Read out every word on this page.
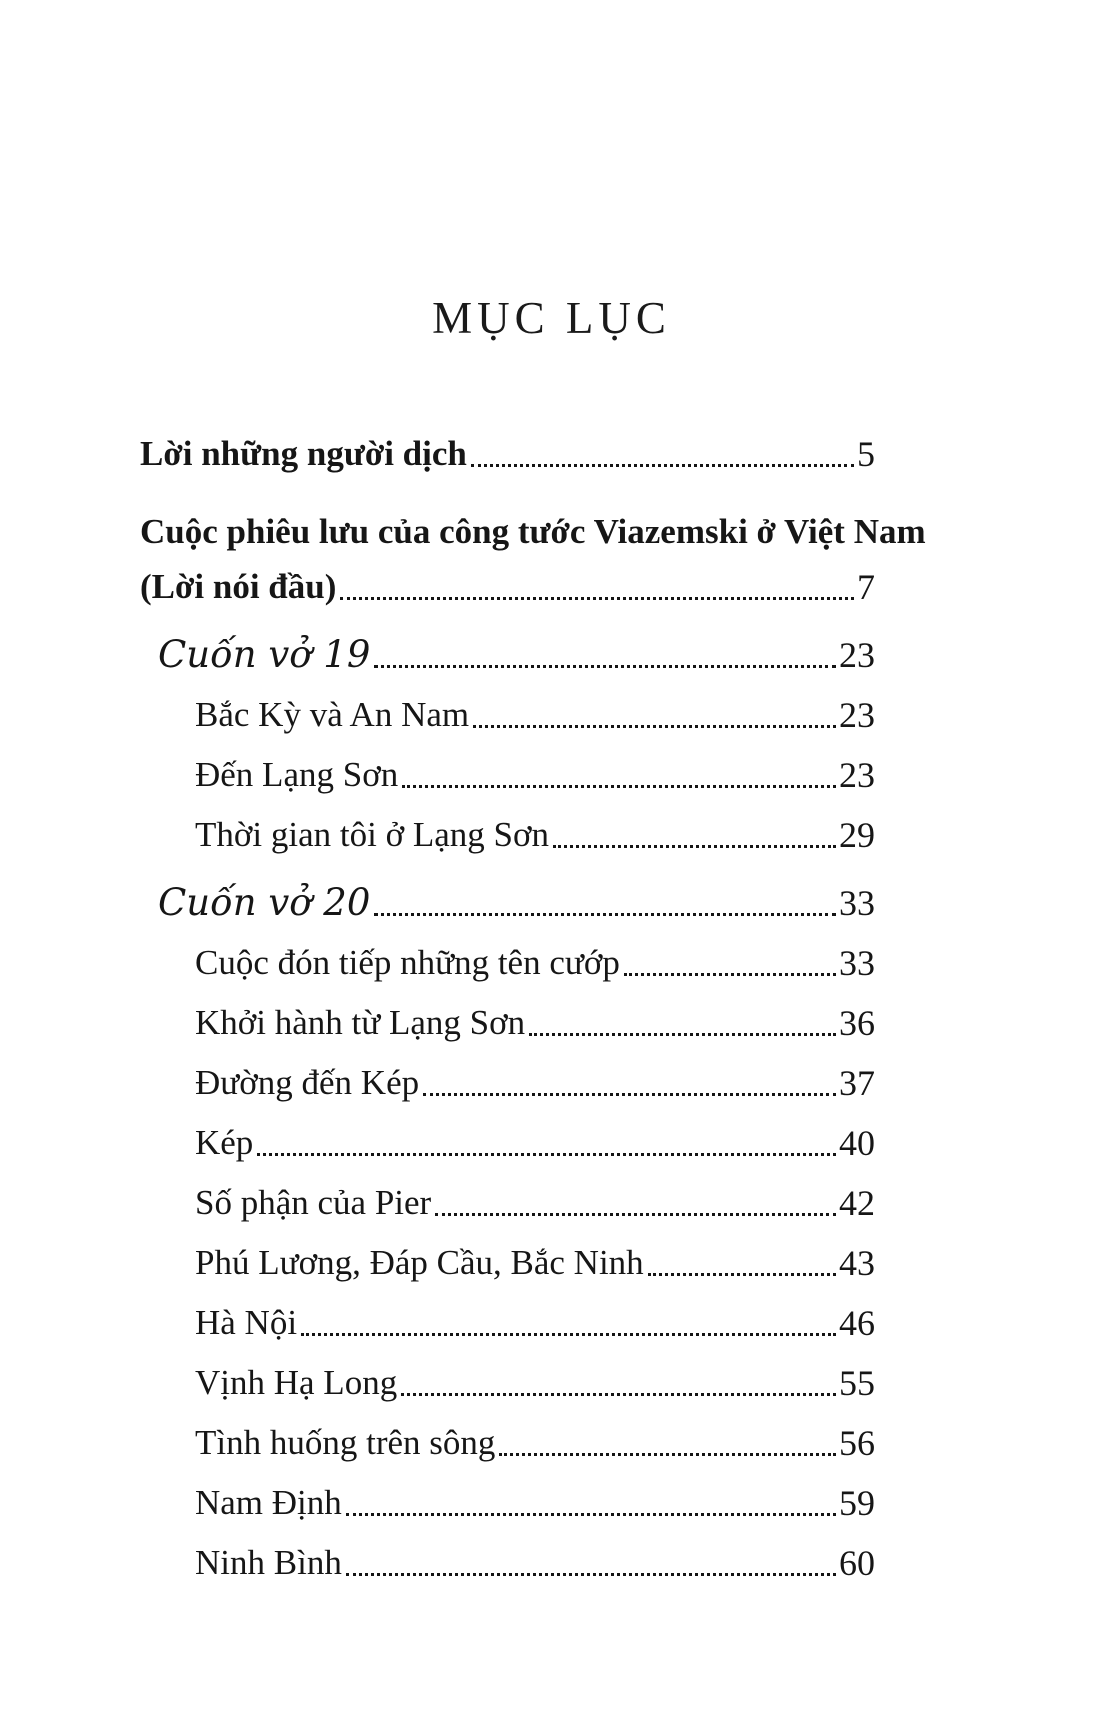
MỤC LỤC
Lời những người dịch	5
Cuộc phiêu lưu của công tước Viazemski ở Việt Nam
(Lời nói đầu)	7
Cuốn vở 19	23
Bắc Kỳ và An Nam	23
Đến Lạng Sơn	23
Thời gian tôi ở Lạng Sơn	29
Cuốn vở 20	33
Cuộc đón tiếp những tên cướp	33
Khởi hành từ Lạng Sơn	36
Đường đến Kép	37
Kép	40
Số phận của Pier	42
Phú Lương, Đáp Cầu, Bắc Ninh	43
Hà Nội	46
Vịnh Hạ Long	55
Tình huống trên sông	56
Nam Định	59
Ninh Bình	60
